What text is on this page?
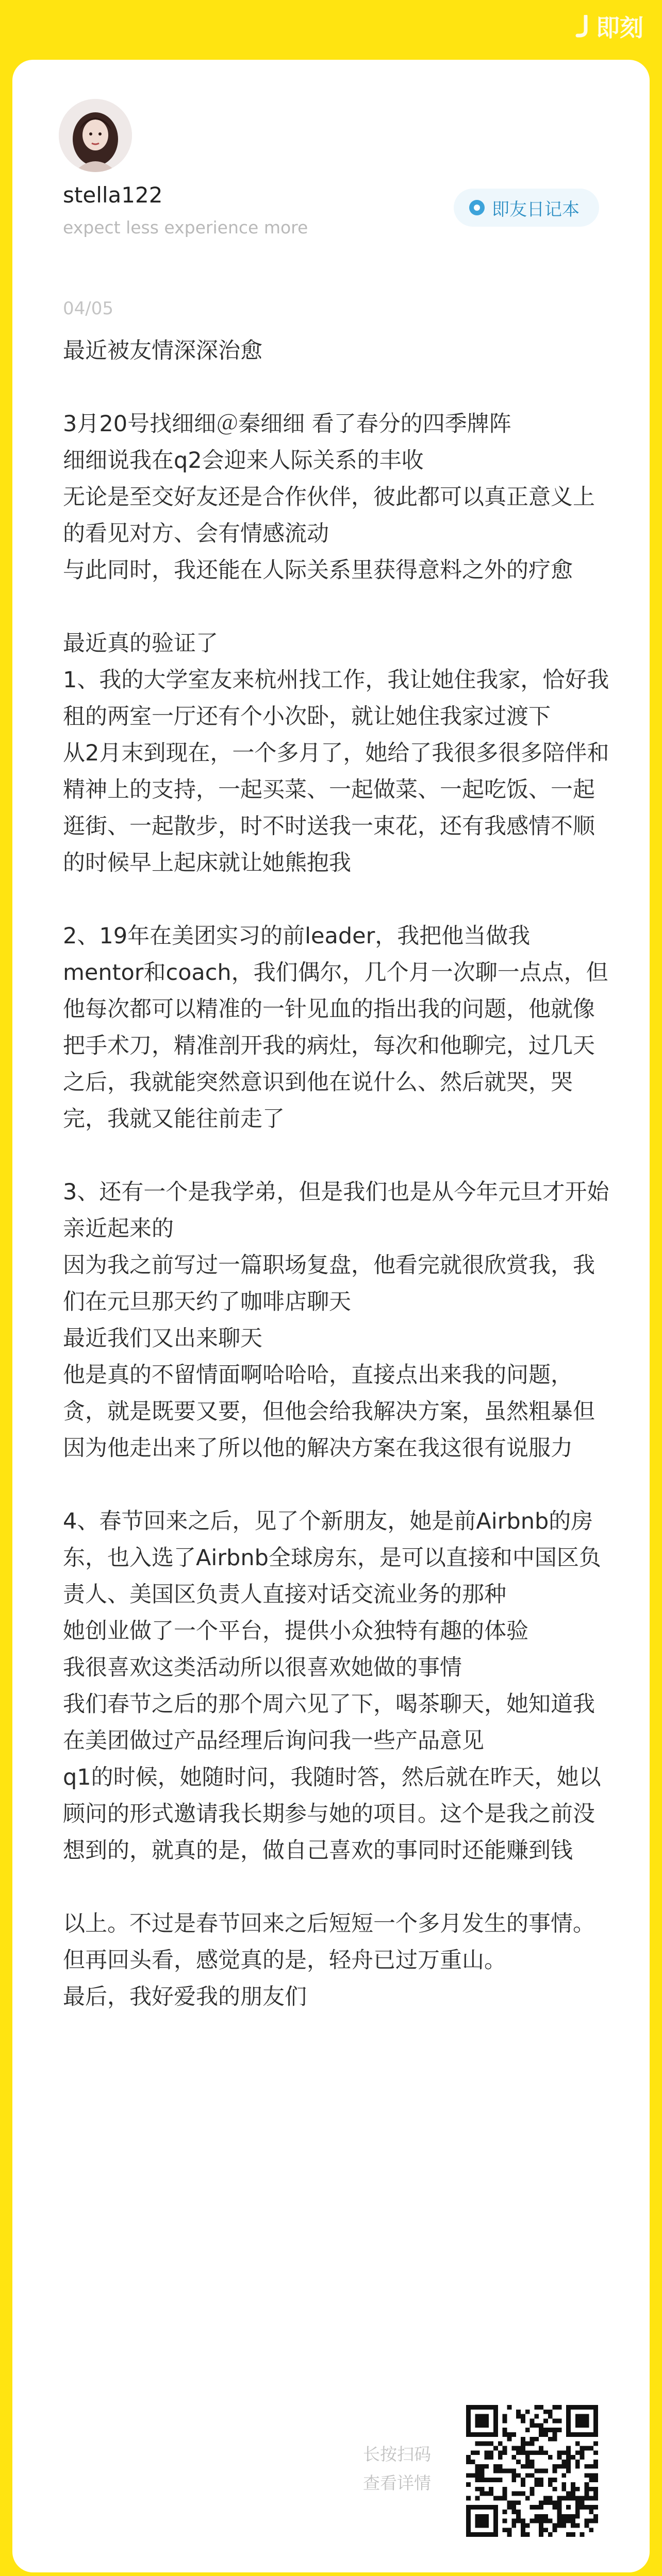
即刻
stella122
expect less experience more
即友日记本
04/05

最近被友情深深治愈

3月20号找细细＠秦细细 看了春分的四季牌阵

细细说我在q2会迎来人际关系的丰收

无论是至交好友还是合作伙伴，彼此都可以真正意义上的看见对方、会有情感流动

与此同时，我还能在人际关系里获得意料之外的疗愈

最近真的验证了

1、我的大学室友来杭州找工作，我让她住我家，恰好我租的两室一厅还有个小次卧，就让她住我家过渡下

从2月末到现在，一个多月了，她给了我很多很多陪伴和精神上的支持，一起买菜、一起做菜、一起吃饭、一起逛街、一起散步，时不时送我一束花，还有我感情不顺的时候早上起床就让她熊抱我

2、19年在美团实习的前leader，我把他当做我mentor和coach，我们偶尔，几个月一次聊一点点，但他每次都可以精准的一针见血的指出我的问题，他就像把手术刀，精准剖开我的病灶，每次和他聊完，过几天之后，我就能突然意识到他在说什么、然后就哭，哭完，我就又能往前走了

3、还有一个是我学弟，但是我们也是从今年元旦才开始亲近起来的

因为我之前写过一篇职场复盘，他看完就很欣赏我，我们在元旦那天约了咖啡店聊天

最近我们又出来聊天

他是真的不留情面啊哈哈哈，直接点出来我的问题，贪，就是既要又要，但他会给我解决方案，虽然粗暴但因为他走出来了所以他的解决方案在我这很有说服力

4、春节回来之后，见了个新朋友，她是前Airbnb的房东，也入选了Airbnb全球房东，是可以直接和中国区负责人、美国区负责人直接对话交流业务的那种

她创业做了一个平台，提供小众独特有趣的体验

我很喜欢这类活动所以很喜欢她做的事情

我们春节之后的那个周六见了下，喝茶聊天，她知道我在美团做过产品经理后询问我一些产品意见

q1的时候，她随时问，我随时答，然后就在昨天，她以顾问的形式邀请我长期参与她的项目。这个是我之前没想到的，就真的是，做自己喜欢的事同时还能赚到钱

以上。不过是春节回来之后短短一个多月发生的事情。但再回头看，感觉真的是，轻舟已过万重山。

最后，我好爱我的朋友们

长按扫码
查看详情
